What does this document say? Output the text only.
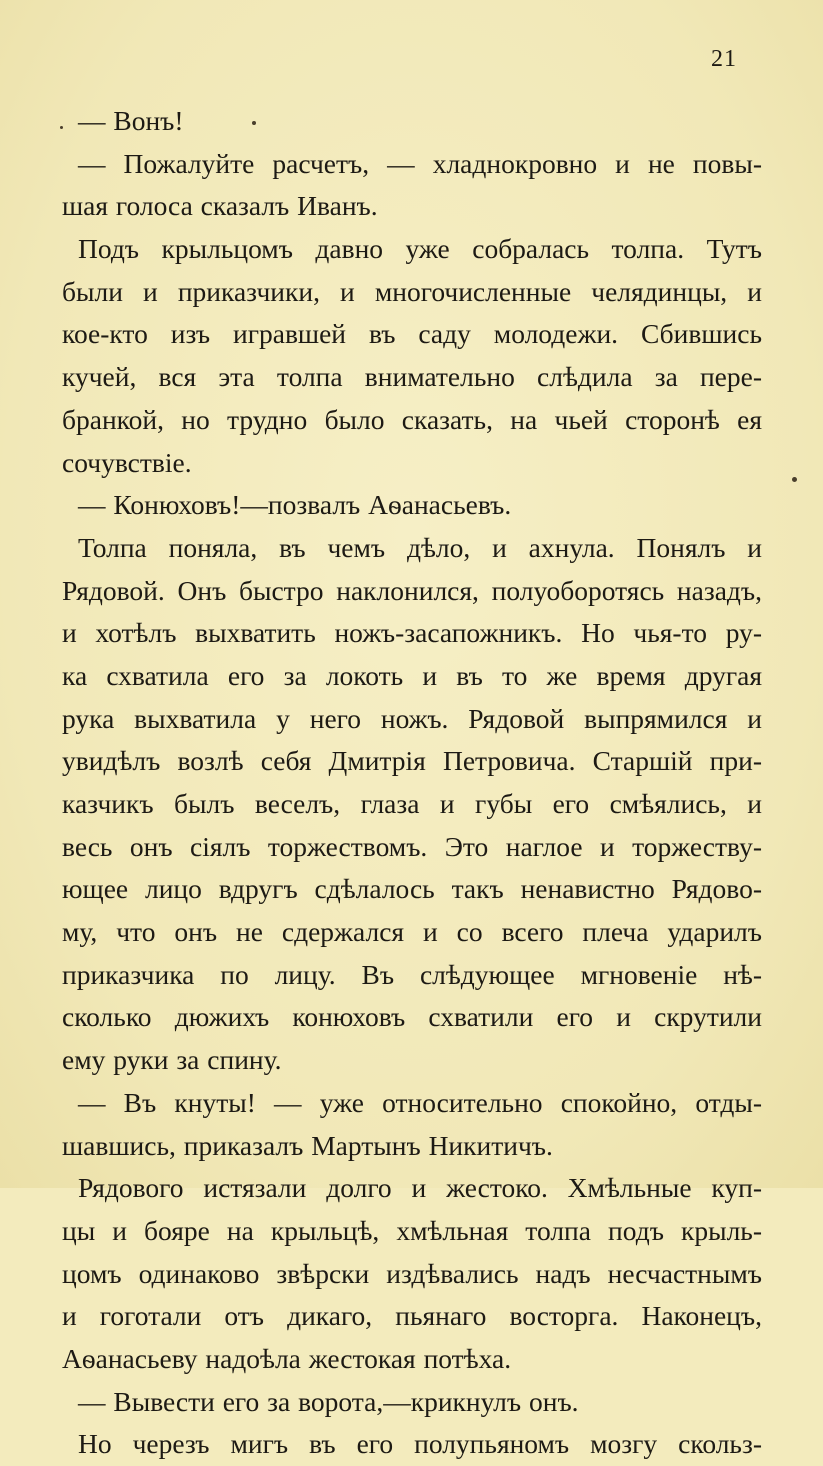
21
— Вонъ!
— Пожалуйте расчетъ, — хладнокровно и не повы-
шая голоса сказалъ Иванъ.
Подъ крыльцомъ давно уже собралась толпа. Тутъ
были и приказчики, и многочисленные челядинцы, и
кое-кто изъ игравшей въ саду молодежи. Сбившись
кучей, вся эта толпа внимательно слѣдила за пере-
бранкой, но трудно было сказать, на чьей сторонѣ ея
сочувствіе.
— Конюховъ!—позвалъ Аѳанасьевъ.
Толпа поняла, въ чемъ дѣло, и ахнула. Понялъ и
Рядовой. Онъ быстро наклонился, полуоборотясь назадъ,
и хотѣлъ выхватить ножъ-засапожникъ. Но чья-то ру-
ка схватила его за локоть и въ то же время другая
рука выхватила у него ножъ. Рядовой выпрямился и
увидѣлъ возлѣ себя Дмитрія Петровича. Старшій при-
казчикъ былъ веселъ, глаза и губы его смѣялись, и
весь онъ сіялъ торжествомъ. Это наглое и торжеству-
ющее лицо вдругъ сдѣлалось такъ ненавистно Рядово-
му, что онъ не сдержался и со всего плеча ударилъ
приказчика по лицу. Въ слѣдующее мгновеніе нѣ-
сколько дюжихъ конюховъ схватили его и скрутили
ему руки за спину.
— Въ кнуты! — уже относительно спокойно, отды-
шавшись, приказалъ Мартынъ Никитичъ.
Рядового истязали долго и жестоко. Хмѣльные куп-
цы и бояре на крыльцѣ, хмѣльная толпа подъ крыль-
цомъ одинаково звѣрски издѣвались надъ несчастнымъ
и гоготали отъ дикаго, пьянаго восторга. Наконецъ,
Аѳанасьеву надоѣла жестокая потѣха.
— Вывести его за ворота,—крикнулъ онъ.
Но черезъ мигъ въ его полупьяномъ мозгу скольз-
